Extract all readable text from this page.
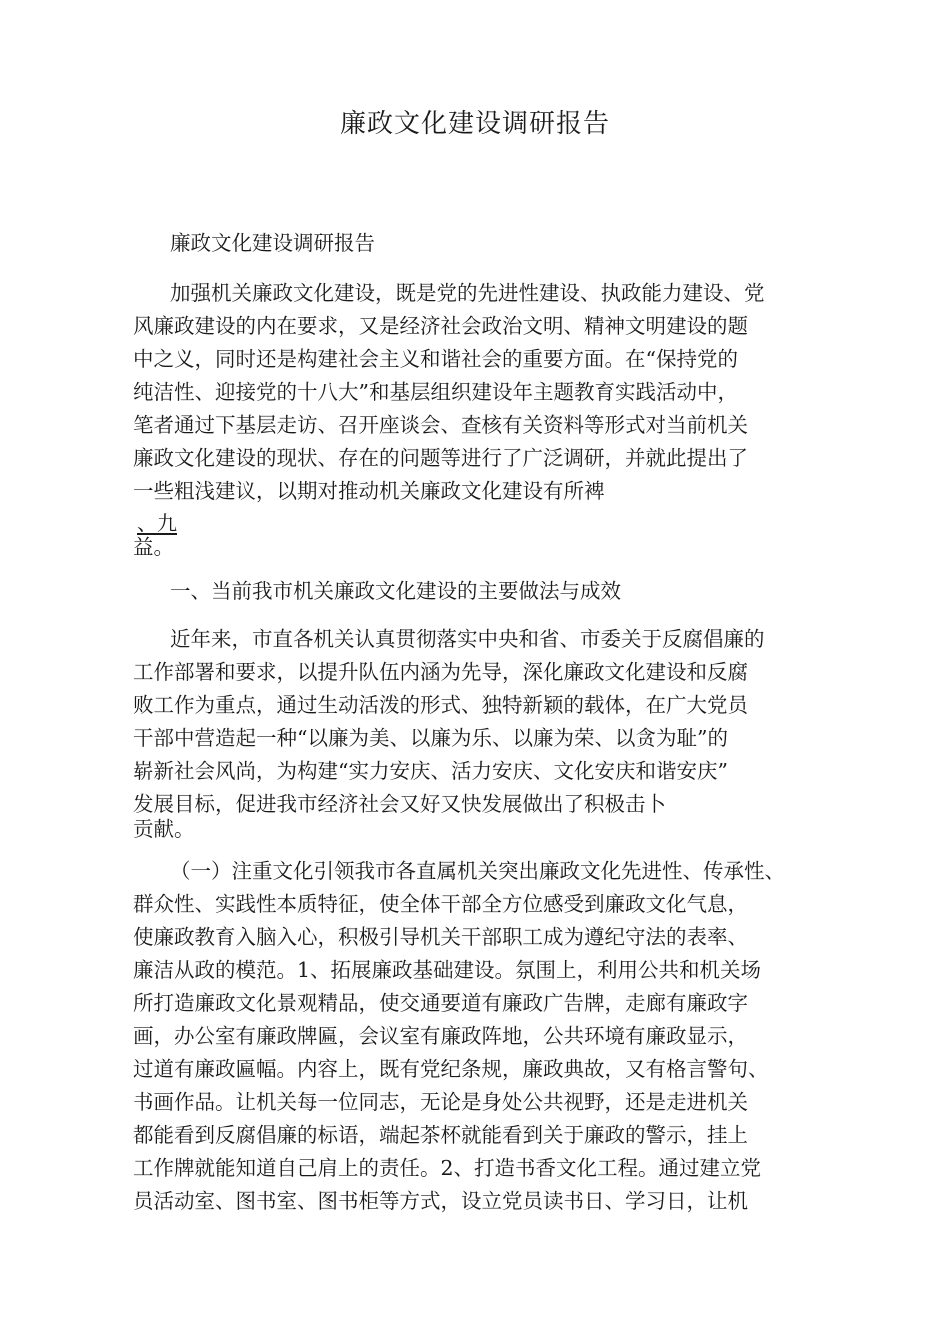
廉政文化建设调研报告
廉政文化建设调研报告
加强机关廉政文化建设，既是党的先进性建设、执政能力建设、党
风廉政建设的内在要求，又是经济社会政治文明、精神文明建设的题
中之义，同时还是构建社会主义和谐社会的重要方面。在“保持党的
纯洁性、迎接党的十八大”和基层组织建设年主题教育实践活动中，
笔者通过下基层走访、召开座谈会、查核有关资料等形式对当前机关
廉政文化建设的现状、存在的问题等进行了广泛调研，并就此提出了
一些粗浅建议，以期对推动机关廉政文化建设有所裨
、九
益。
一、当前我市机关廉政文化建设的主要做法与成效
近年来，市直各机关认真贯彻落实中央和省、市委关于反腐倡廉的
工作部署和要求，以提升队伍内涵为先导，深化廉政文化建设和反腐
败工作为重点，通过生动活泼的形式、独特新颖的载体，在广大党员
干部中营造起一种“以廉为美、以廉为乐、以廉为荣、以贪为耻”的
崭新社会风尚，为构建“实力安庆、活力安庆、文化安庆和谐安庆”
发展目标，促进我市经济社会又好又快发展做出了积极击卜
贡献。
（一）注重文化引领我市各直属机关突出廉政文化先进性、传承性、
群众性、实践性本质特征，使全体干部全方位感受到廉政文化气息，
使廉政教育入脑入心，积极引导机关干部职工成为遵纪守法的表率、
廉洁从政的模范。1、拓展廉政基础建设。氛围上，利用公共和机关场
所打造廉政文化景观精品，使交通要道有廉政广告牌，走廊有廉政字
画，办公室有廉政牌匾，会议室有廉政阵地，公共环境有廉政显示，
过道有廉政匾幅。内容上，既有党纪条规，廉政典故，又有格言警句、
书画作品。让机关每一位同志，无论是身处公共视野，还是走进机关
都能看到反腐倡廉的标语，端起茶杯就能看到关于廉政的警示，挂上
工作牌就能知道自己肩上的责任。2、打造书香文化工程。通过建立党
员活动室、图书室、图书柜等方式，设立党员读书日、学习日，让机
